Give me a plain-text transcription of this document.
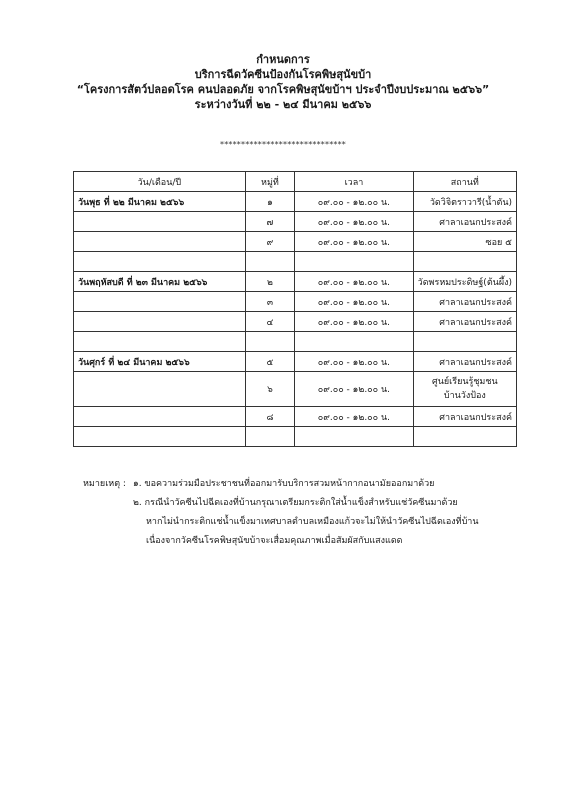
กำหนดการ
บริการฉีดวัคซีนป้องกันโรคพิษสุนัขบ้า
“โครงการสัตว์ปลอดโรค คนปลอดภัย จากโรคพิษสุนัขบ้าฯ ประจำปีงบประมาณ ๒๕๖๖”
ระหว่างวันที่ ๒๒ - ๒๔ มีนาคม ๒๕๖๖
******************************
วัน/เดือน/ปี	หมู่ที่	เวลา	สถานที่
วันพุธ ที่ ๒๒ มีนาคม ๒๕๖๖	๑	๐๙.๐๐ - ๑๒.๐๐ น.	วัดวิจิตราวารี(น้ำตัน)
	๗	๐๙.๐๐ - ๑๒.๐๐ น.	ศาลาเอนกประสงค์
	๙	๐๙.๐๐ - ๑๒.๐๐ น.	ซอย ๕

วันพฤหัสบดี ที่ ๒๓ มีนาคม ๒๕๖๖	๒	๐๙.๐๐ - ๑๒.๐๐ น.	วัดพรหมประดิษฐ์(ต้นผึ้ง)
	๓	๐๙.๐๐ - ๑๒.๐๐ น.	ศาลาเอนกประสงค์
	๔	๐๙.๐๐ - ๑๒.๐๐ น.	ศาลาเอนกประสงค์

วันศุกร์ ที่ ๒๔ มีนาคม ๒๕๖๖	๕	๐๙.๐๐ - ๑๒.๐๐ น.	ศาลาเอนกประสงค์
	๖	๐๙.๐๐ - ๑๒.๐๐ น.	ศูนย์เรียนรู้ชุมชน
บ้านวังป้อง

	๘	๐๙.๐๐ - ๑๒.๐๐ น.	ศาลาเอนกประสงค์

หมายเหตุ : ๑. ขอความร่วมมือประชาชนที่ออกมารับบริการสวมหน้ากากอนามัยออกมาด้วย
๒. กรณีนำวัคซีนไปฉีดเองที่บ้านกรุณาเตรียมกระติกใส่น้ำแข็งสำหรับแช่วัคซีนมาด้วย
หากไม่นำกระติกแช่น้ำแข็งมาเทศบาลตำบลเหมืองแก้วจะไม่ให้นำวัคซีนไปฉีดเองที่บ้าน
เนื่องจากวัคซีนโรคพิษสุนัขบ้าจะเสื่อมคุณภาพเมื่อสัมผัสกับแสงแดด
